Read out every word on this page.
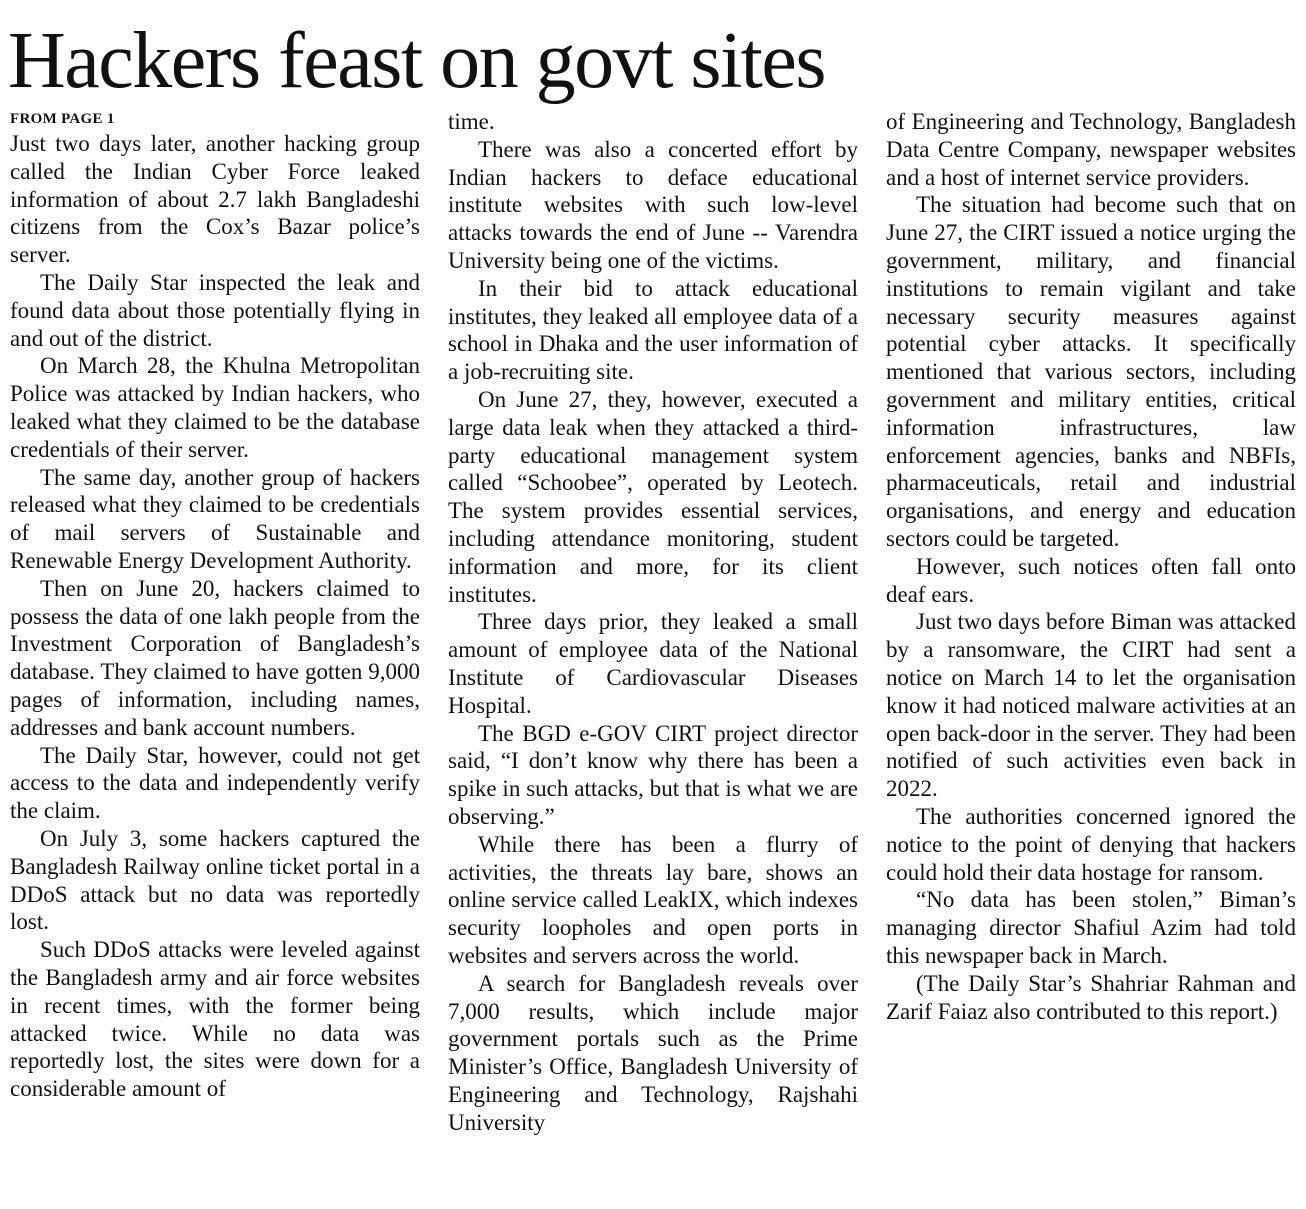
Hackers feast on govt sites
FROM PAGE 1

Just two days later, another hacking group called the Indian Cyber Force leaked information of about 2.7 lakh Bangladeshi citizens from the Cox’s Bazar police’s server.

The Daily Star inspected the leak and found data about those potentially flying in and out of the district.

On March 28, the Khulna Metropolitan Police was attacked by Indian hackers, who leaked what they claimed to be the database credentials of their server.

The same day, another group of hackers released what they claimed to be credentials of mail servers of Sustainable and Renewable Energy Development Authority.

Then on June 20, hackers claimed to possess the data of one lakh people from the Investment Corporation of Bangladesh’s database. They claimed to have gotten 9,000 pages of information, including names, addresses and bank account numbers.

The Daily Star, however, could not get access to the data and independently verify the claim.

On July 3, some hackers captured the Bangladesh Railway online ticket portal in a DDoS attack but no data was reportedly lost.

Such DDoS attacks were leveled against the Bangladesh army and air force websites in recent times, with the former being attacked twice. While no data was reportedly lost, the sites were down for a considerable amount of

time.

There was also a concerted effort by Indian hackers to deface educational institute websites with such low-level attacks towards the end of June -- Varendra University being one of the victims.

In their bid to attack educational institutes, they leaked all employee data of a school in Dhaka and the user information of a job-recruiting site.

On June 27, they, however, executed a large data leak when they attacked a third-party educational management system called “Schoobee”, operated by Leotech. The system provides essential services, including attendance monitoring, student information and more, for its client institutes.

Three days prior, they leaked a small amount of employee data of the National Institute of Cardiovascular Diseases Hospital.

The BGD e-GOV CIRT project director said, “I don’t know why there has been a spike in such attacks, but that is what we are observing.”

While there has been a flurry of activities, the threats lay bare, shows an online service called LeakIX, which indexes security loopholes and open ports in websites and servers across the world.

A search for Bangladesh reveals over 7,000 results, which include major government portals such as the Prime Minister’s Office, Bangladesh University of Engineering and Technology, Rajshahi University

of Engineering and Technology, Bangladesh Data Centre Company, newspaper websites and a host of internet service providers.

The situation had become such that on June 27, the CIRT issued a notice urging the government, military, and financial institutions to remain vigilant and take necessary security measures against potential cyber attacks. It specifically mentioned that various sectors, including government and military entities, critical information infrastructures, law enforcement agencies, banks and NBFIs, pharmaceuticals, retail and industrial organisations, and energy and education sectors could be targeted.

However, such notices often fall onto deaf ears.

Just two days before Biman was attacked by a ransomware, the CIRT had sent a notice on March 14 to let the organisation know it had noticed malware activities at an open back-door in the server. They had been notified of such activities even back in 2022.

The authorities concerned ignored the notice to the point of denying that hackers could hold their data hostage for ransom.

“No data has been stolen,” Biman’s managing director Shafiul Azim had told this newspaper back in March.

(The Daily Star’s Shahriar Rahman and Zarif Faiaz also contributed to this report.)
